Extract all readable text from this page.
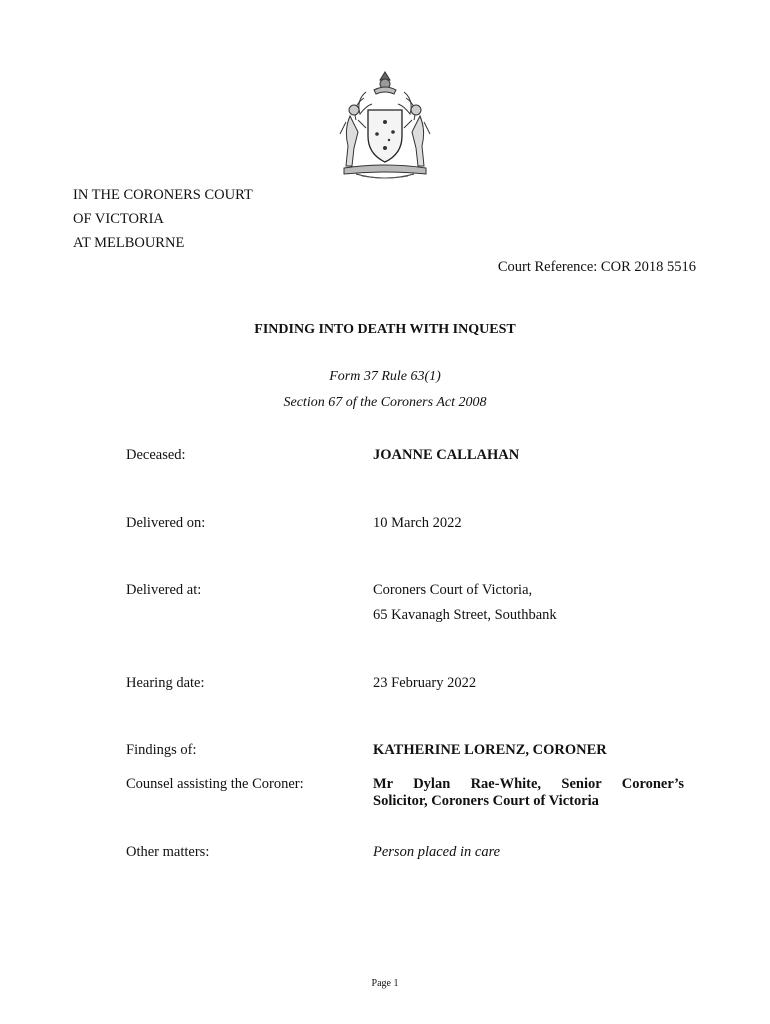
IN THE CORONERS COURT
OF VICTORIA
AT MELBOURNE
Court Reference: COR 2018 5516
FINDING INTO DEATH WITH INQUEST
Form 37 Rule 63(1)
Section 67 of the Coroners Act 2008
Deceased:	JOANNE CALLAHAN
Delivered on:	10 March 2022
Delivered at:	Coroners Court of Victoria,
65 Kavanagh Street, Southbank
Hearing date:	23 February 2022
Findings of:	KATHERINE LORENZ, CORONER
Counsel assisting the Coroner:	Mr Dylan Rae-White, Senior Coroner’s
Solicitor, Coroners Court of Victoria
Other matters:	Person placed in care
Page 1
